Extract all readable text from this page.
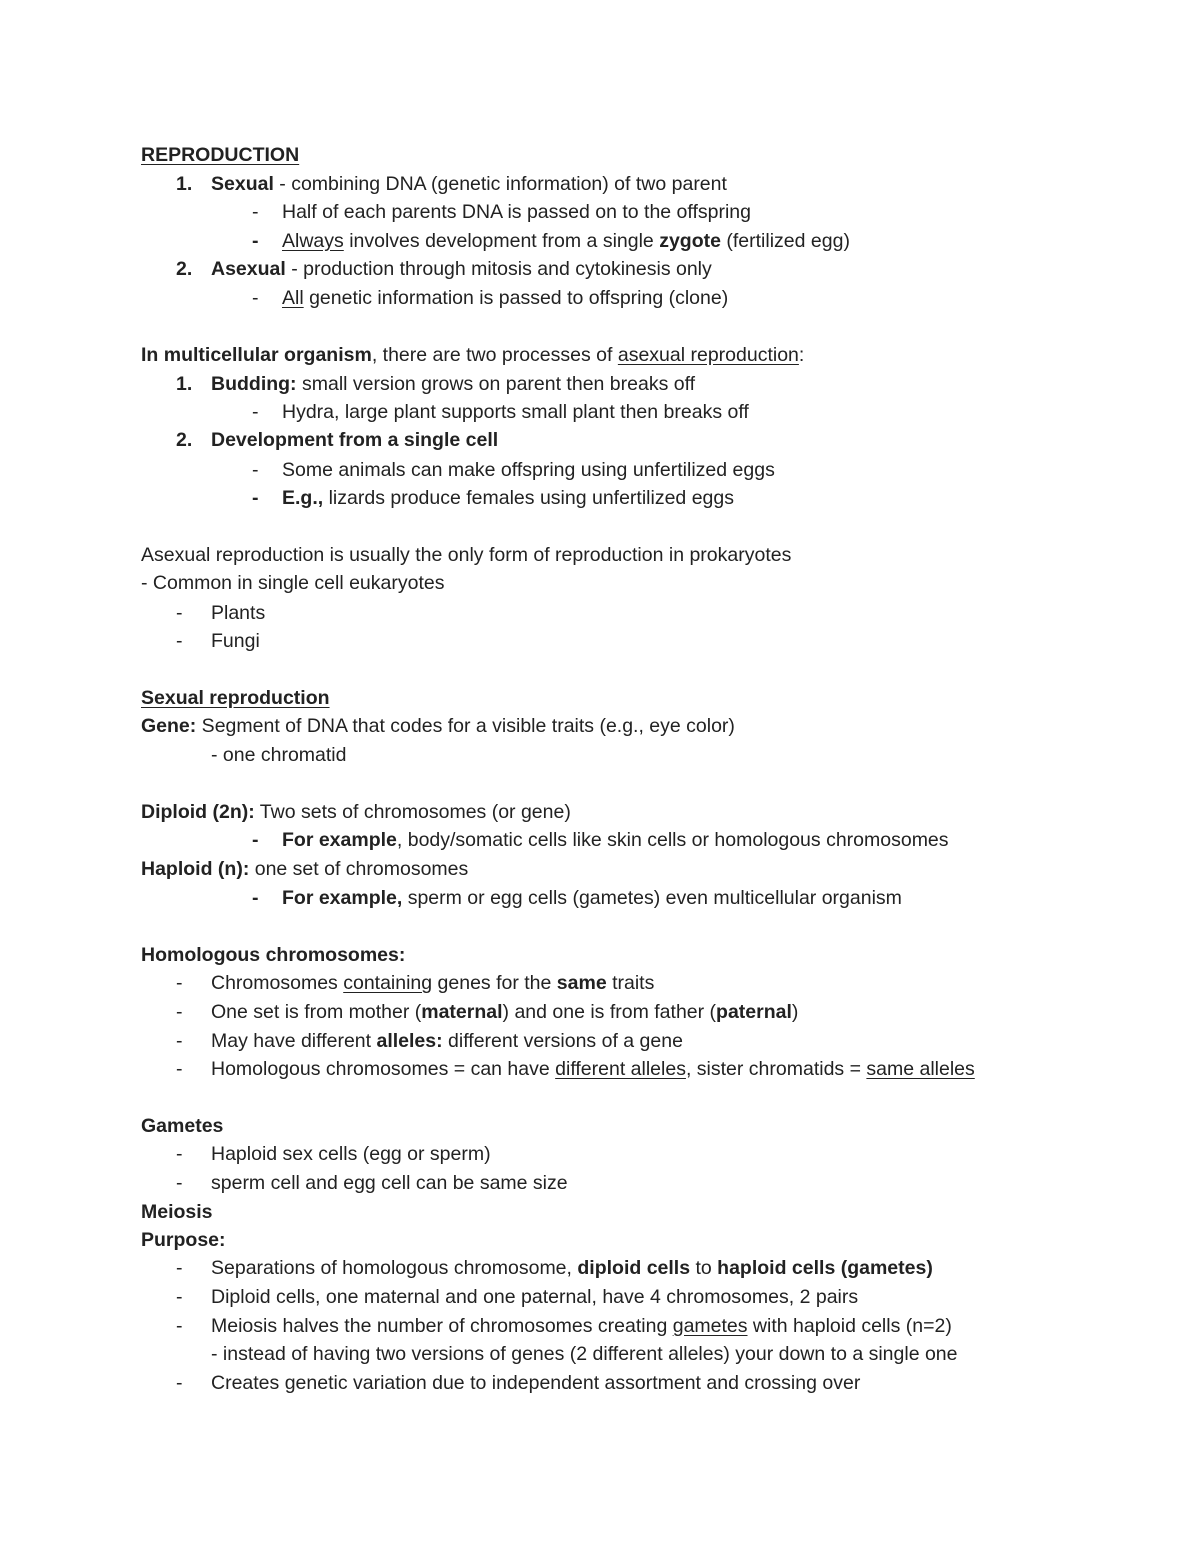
REPRODUCTION
1. Sexual - combining DNA (genetic information) of two parent
- Half of each parents DNA is passed on to the offspring
- Always involves development from a single zygote (fertilized egg)
2. Asexual - production through mitosis and cytokinesis only
- All genetic information is passed to offspring (clone)
In multicellular organism, there are two processes of asexual reproduction:
1. Budding: small version grows on parent then breaks off
- Hydra, large plant supports small plant then breaks off
2. Development from a single cell
- Some animals can make offspring using unfertilized eggs
- E.g., lizards produce females using unfertilized eggs
Asexual reproduction is usually the only form of reproduction in prokaryotes
- Common in single cell eukaryotes
- Plants
- Fungi
Sexual reproduction
Gene: Segment of DNA that codes for a visible traits (e.g., eye color)
- one chromatid
Diploid (2n): Two sets of chromosomes (or gene)
- For example, body/somatic cells like skin cells or homologous chromosomes
Haploid (n): one set of chromosomes
- For example, sperm or egg cells (gametes) even multicellular organism
Homologous chromosomes:
- Chromosomes containing genes for the same traits
- One set is from mother (maternal) and one is from father (paternal)
- May have different alleles: different versions of a gene
- Homologous chromosomes = can have different alleles, sister chromatids = same alleles
Gametes
- Haploid sex cells (egg or sperm)
- sperm cell and egg cell can be same size
Meiosis
Purpose:
- Separations of homologous chromosome, diploid cells to haploid cells (gametes)
- Diploid cells, one maternal and one paternal, have 4 chromosomes, 2 pairs
- Meiosis halves the number of chromosomes creating gametes with haploid cells (n=2)
- instead of having two versions of genes (2 different alleles) your down to a single one
- Creates genetic variation due to independent assortment and crossing over
